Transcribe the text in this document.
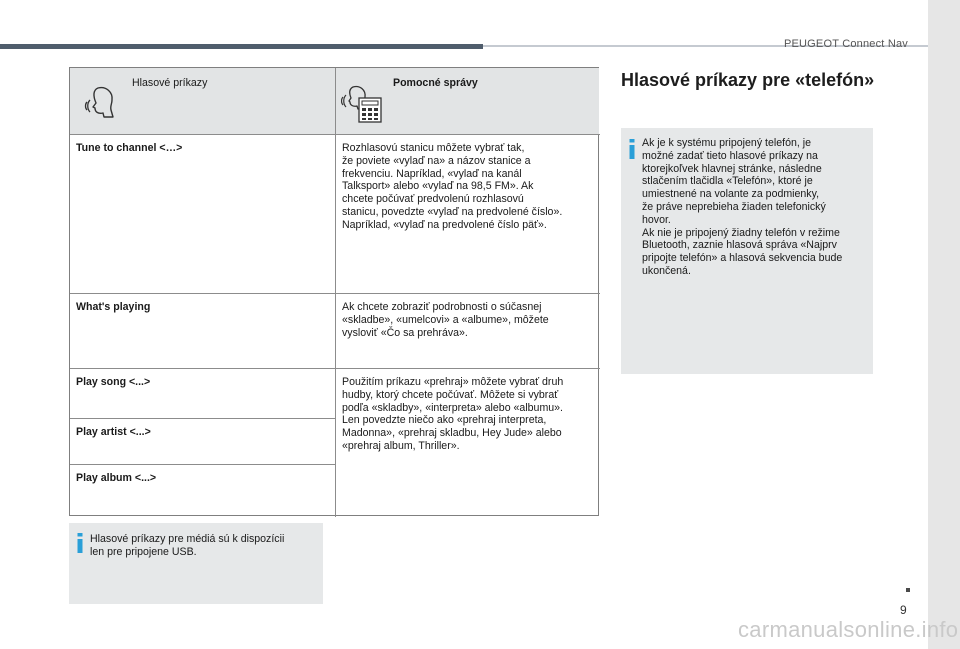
PEUGEOT Connect Nav
Hlasové príkazy	Pomocné správy
Tune to channel <…>	Rozhlasovú stanicu môžete vybrať tak,
že poviete «vylaď na» a názov stanice a
frekvenciu. Napríklad, «vylaď na kanál
Talksport» alebo «vylaď na 98,5 FM». Ak
chcete počúvať predvolenú rozhlasovú
stanicu, povedzte «vylaď na predvolené číslo».
Napríklad, «vylaď na predvolené číslo päť».
What's playing	Ak chcete zobraziť podrobnosti o súčasnej
«skladbe», «umelcovi» a «albume», môžete
vysloviť «Čo sa prehráva».
Play song <...>	Použitím príkazu «prehraj» môžete vybrať druh
hudby, ktorý chcete počúvať. Môžete si vybrať
podľa «skladby», «interpreta» alebo «albumu».
Len povedzte niečo ako «prehraj interpreta,
Madonna», «prehraj skladbu, Hey Jude» alebo
«prehraj album, Thriller».
Play artist <...>
Play album <...>
Hlasové príkazy pre médiá sú k dispozícii
len pre pripojene USB.
Hlasové príkazy pre «telefón»
Ak je k systému pripojený telefón, je
možné zadať tieto hlasové príkazy na
ktorejkoľvek hlavnej stránke, následne
stlačením tlačidla «Telefón», ktoré je
umiestnené na volante za podmienky,
že práve neprebieha žiaden telefonický
hovor.
Ak nie je pripojený žiadny telefón v režime
Bluetooth, zaznie hlasová správa «Najprv
pripojte telefón» a hlasová sekvencia bude
ukončená.
9
carmanualsonline.info
